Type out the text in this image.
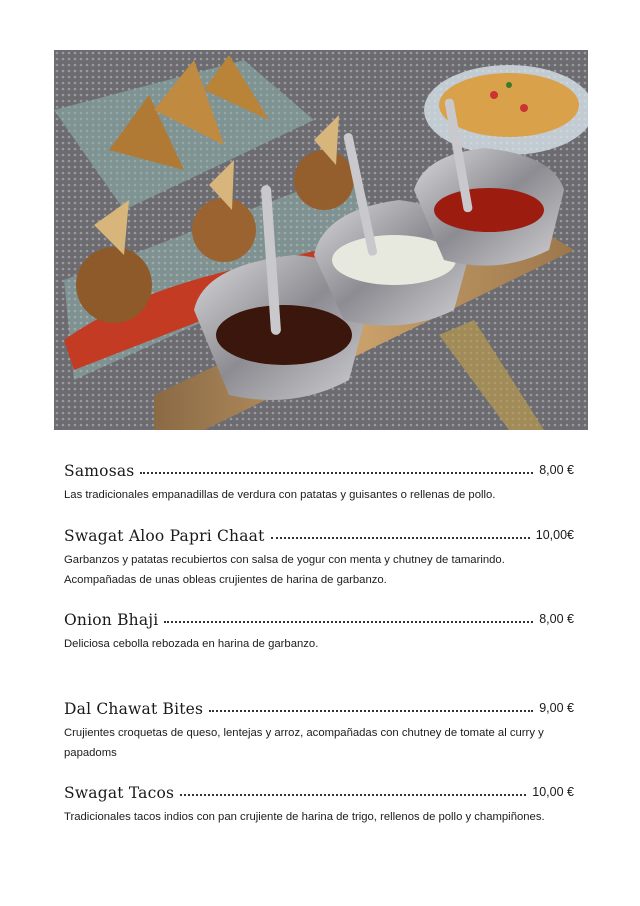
Samosas	8,00 €
Las tradicionales empanadillas de verdura con patatas y guisantes o rellenas de pollo.
Swagat Aloo Papri Chaat	10,00€
Garbanzos y patatas recubiertos con salsa de yogur con menta y chutney de tamarindo. Acompañadas de unas obleas crujientes de harina de garbanzo.
Onion Bhaji	8,00 €
Deliciosa cebolla rebozada en harina de garbanzo.
Dal Chawat Bites	9,00 €
Crujientes croquetas de queso, lentejas y arroz, acompañadas con chutney de tomate al curry y papadoms
Swagat Tacos	10,00 €
Tradicionales tacos indios con pan crujiente de harina de trigo, rellenos de pollo y champiñones.
